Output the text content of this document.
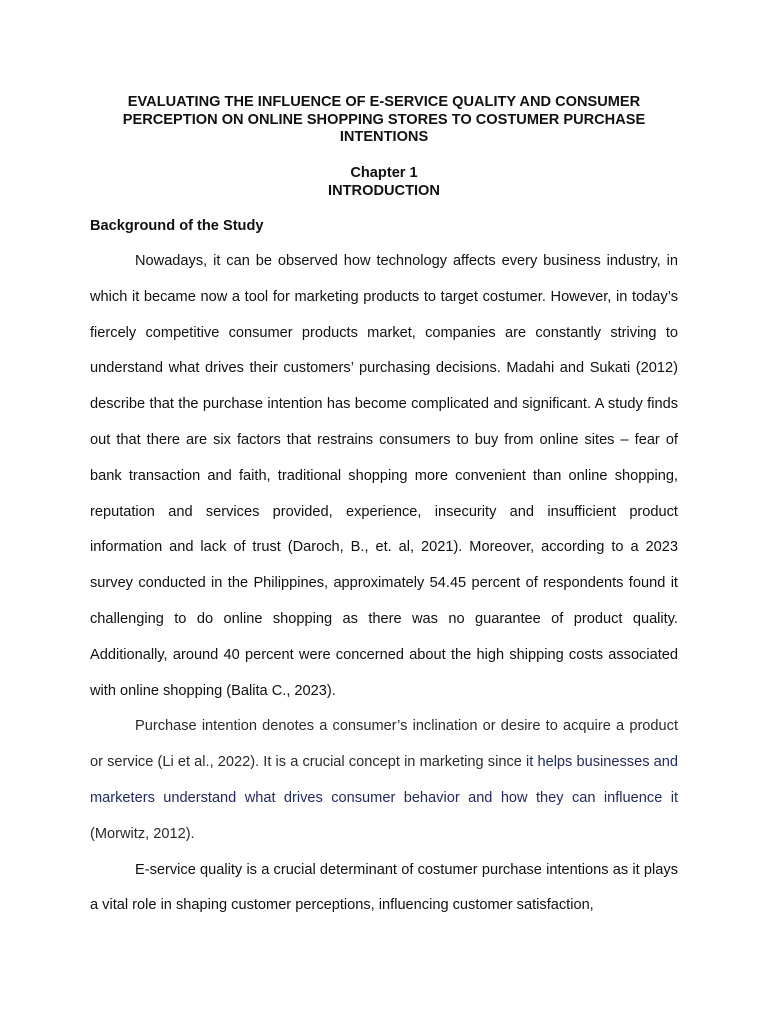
EVALUATING THE INFLUENCE OF E-SERVICE QUALITY AND CONSUMER
PERCEPTION ON ONLINE SHOPPING STORES TO COSTUMER PURCHASE
INTENTIONS
Chapter 1
INTRODUCTION
Background of the Study

Nowadays, it can be observed how technology affects every business industry, in which it became now a tool for marketing products to target costumer. However, in today’s fiercely competitive consumer products market, companies are constantly striving to understand what drives their customers’ purchasing decisions. Madahi and Sukati (2012) describe that the purchase intention has become complicated and significant. A study finds out that there are six factors that restrains consumers to buy from online sites – fear of bank transaction and faith, traditional shopping more convenient than online shopping, reputation and services provided, experience, insecurity and insufficient product information and lack of trust (Daroch, B., et. al, 2021). Moreover, according to a 2023 survey conducted in the Philippines, approximately 54.45 percent of respondents found it challenging to do online shopping as there was no guarantee of product quality. Additionally, around 40 percent were concerned about the high shipping costs associated with online shopping (Balita C., 2023).

Purchase intention denotes a consumer’s inclination or desire to acquire a product or service (Li et al., 2022). It is a crucial concept in marketing since it helps businesses and marketers understand what drives consumer behavior and how they can influence it (Morwitz, 2012).

E-service quality is a crucial determinant of costumer purchase intentions as it plays a vital role in shaping customer perceptions, influencing customer satisfaction,
